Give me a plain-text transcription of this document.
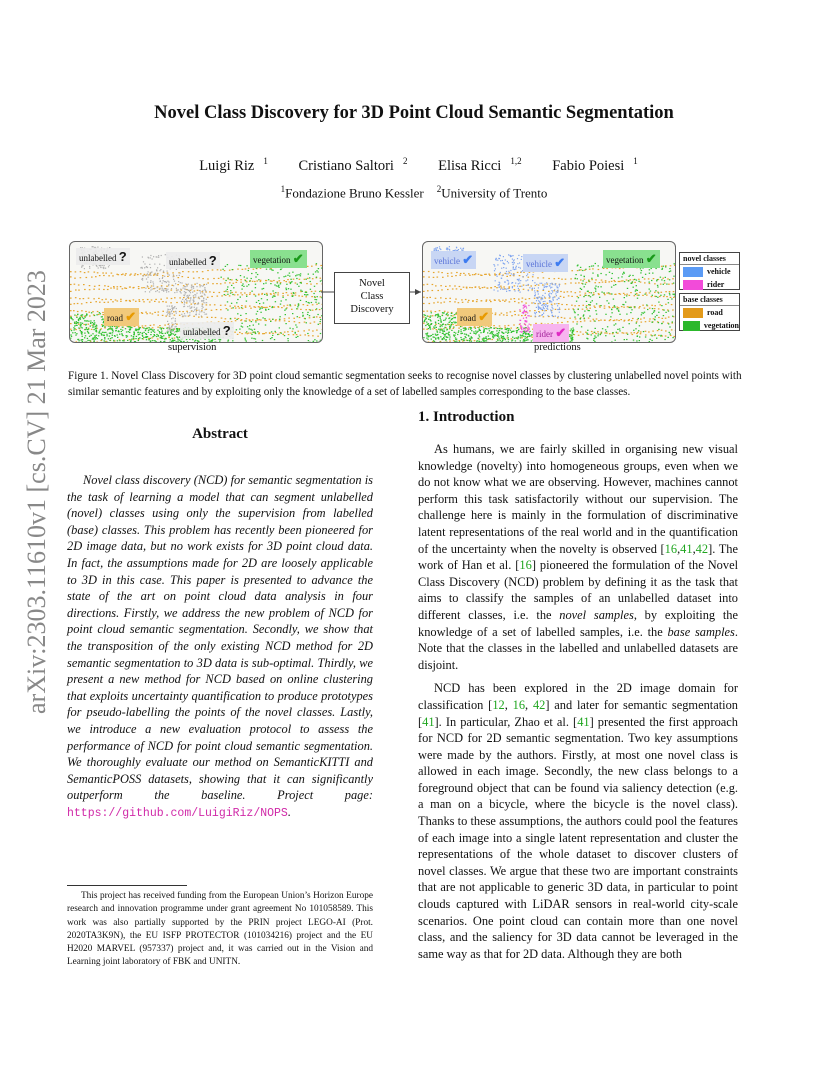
Novel Class Discovery for 3D Point Cloud Semantic Segmentation
Luigi Riz $^1$ Cristiano Saltori $^2$ Elisa Ricci $^{1,2}$ Fabio Poiesi $^1$
$^1$Fondazione Bruno Kessler $^2$University of Trento
arXiv:2303.11610v1 [cs.CV] 21 Mar 2023
unlabelled ?	unlabelled ?	vegetation ✔
road ✔
unlabelled ?
supervision
Novel
Class
Discovery
vehicle ✔	vehicle ✔	vegetation ✔
road ✔
rider ✔
predictions
novel classes
vehicle
rider
base classes
road
vegetation
Figure 1. Novel Class Discovery for 3D point cloud semantic segmentation seeks to recognise novel classes by clustering unlabelled novel points with similar semantic features and by exploiting only the knowledge of a set of labelled samples corresponding to the base classes.
Abstract
Novel class discovery (NCD) for semantic segmentation is the task of learning a model that can segment unlabelled (novel) classes using only the supervision from labelled (base) classes. This problem has recently been pioneered for 2D image data, but no work exists for 3D point cloud data. In fact, the assumptions made for 2D are loosely applicable to 3D in this case. This paper is presented to advance the state of the art on point cloud data analysis in four directions. Firstly, we address the new problem of NCD for point cloud semantic segmentation. Secondly, we show that the transposition of the only existing NCD method for 2D semantic segmentation to 3D data is sub-optimal. Thirdly, we present a new method for NCD based on online clustering that exploits uncertainty quantification to produce prototypes for pseudo-labelling the points of the novel classes. Lastly, we introduce a new evaluation protocol to assess the performance of NCD for point cloud semantic segmentation. We thoroughly evaluate our method on SemanticKITTI and SemanticPOSS datasets, showing that it can significantly outperform the baseline. Project page: https://github.com/LuigiRiz/NOPS.
This project has received funding from the European Union’s Horizon Europe research and innovation programme under grant agreement No 101058589. This work was also partially supported by the PRIN project LEGO-AI (Prot. 2020TA3K9N), the EU ISFP PROTECTOR (101034216) project and the EU H2020 MARVEL (957337) project and, it was carried out in the Vision and Learning joint laboratory of FBK and UNITN.
1. Introduction
As humans, we are fairly skilled in organising new visual knowledge (novelty) into homogeneous groups, even when we do not know what we are observing. However, machines cannot perform this task satisfactorily without our supervision. The challenge here is mainly in the formulation of discriminative latent representations of the real world and in the quantification of the uncertainty when the novelty is observed [16,41,42]. The work of Han et al. [16] pioneered the formulation of the Novel Class Discovery (NCD) problem by defining it as the task that aims to classify the samples of an unlabelled dataset into different classes, i.e. the novel samples, by exploiting the knowledge of a set of labelled samples, i.e. the base samples. Note that the classes in the labelled and unlabelled datasets are disjoint.
NCD has been explored in the 2D image domain for classification [12, 16, 42] and later for semantic segmentation [41]. In particular, Zhao et al. [41] presented the first approach for NCD for 2D semantic segmentation. Two key assumptions were made by the authors. Firstly, at most one novel class is allowed in each image. Secondly, the new class belongs to a foreground object that can be found via saliency detection (e.g. a man on a bicycle, where the bicycle is the novel class). Thanks to these assumptions, the authors could pool the features of each image into a single latent representation and cluster the representations of the whole dataset to discover clusters of novel classes. We argue that these two are important constraints that are not applicable to generic 3D data, in particular to point clouds captured with LiDAR sensors in real-world city-scale scenarios. One point cloud can contain more than one novel class, and the saliency for 3D data cannot be leveraged in the same way as that for 2D data. Although they are both
